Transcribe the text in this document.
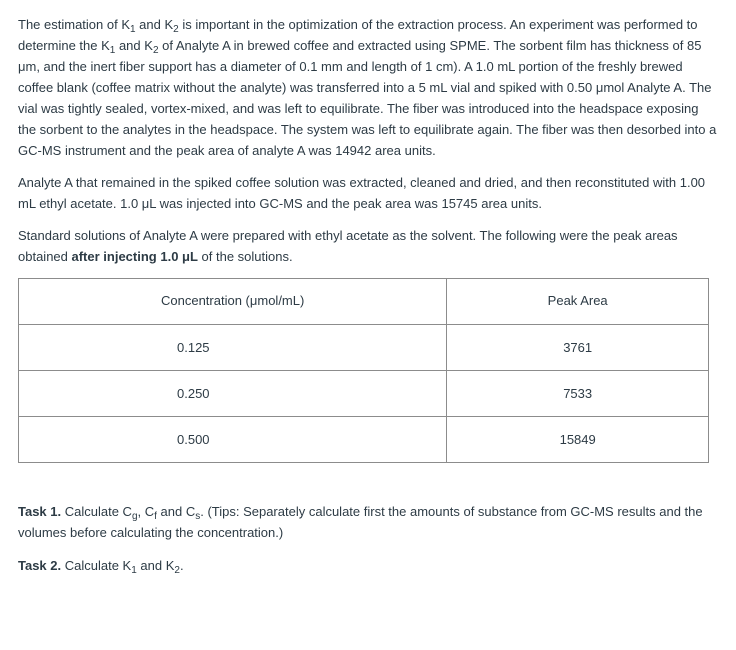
The estimation of $K_1$ and $K_2$ is important in the optimization of the extraction process. An experiment was performed to determine the $K_1$ and $K_2$ of Analyte A in brewed coffee and extracted using SPME. The sorbent film has thickness of 85 μm, and the inert fiber support has a diameter of 0.1 mm and length of 1 cm). A 1.0 mL portion of the freshly brewed coffee blank (coffee matrix without the analyte) was transferred into a 5 mL vial and spiked with 0.50 μmol Analyte A. The vial was tightly sealed, vortex-mixed, and was left to equilibrate. The fiber was introduced into the headspace exposing the sorbent to the analytes in the headspace. The system was left to equilibrate again. The fiber was then desorbed into a GC-MS instrument and the peak area of analyte A was 14942 area units.

Analyte A that remained in the spiked coffee solution was extracted, cleaned and dried, and then reconstituted with 1.00 mL ethyl acetate. 1.0 μL was injected into GC-MS and the peak area was 15745 area units.

Standard solutions of Analyte A were prepared with ethyl acetate as the solvent. The following were the peak areas obtained after injecting 1.0 μL of the solutions.

Concentration (μmol/mL)	Peak Area
0.125	3761
0.250	7533
0.500	15849

Task 1. Calculate $C_g$, $C_f$ and $C_s$. (Tips: Separately calculate first the amounts of substance from GC-MS results and the volumes before calculating the concentration.)

Task 2. Calculate $K_1$ and $K_2$.
